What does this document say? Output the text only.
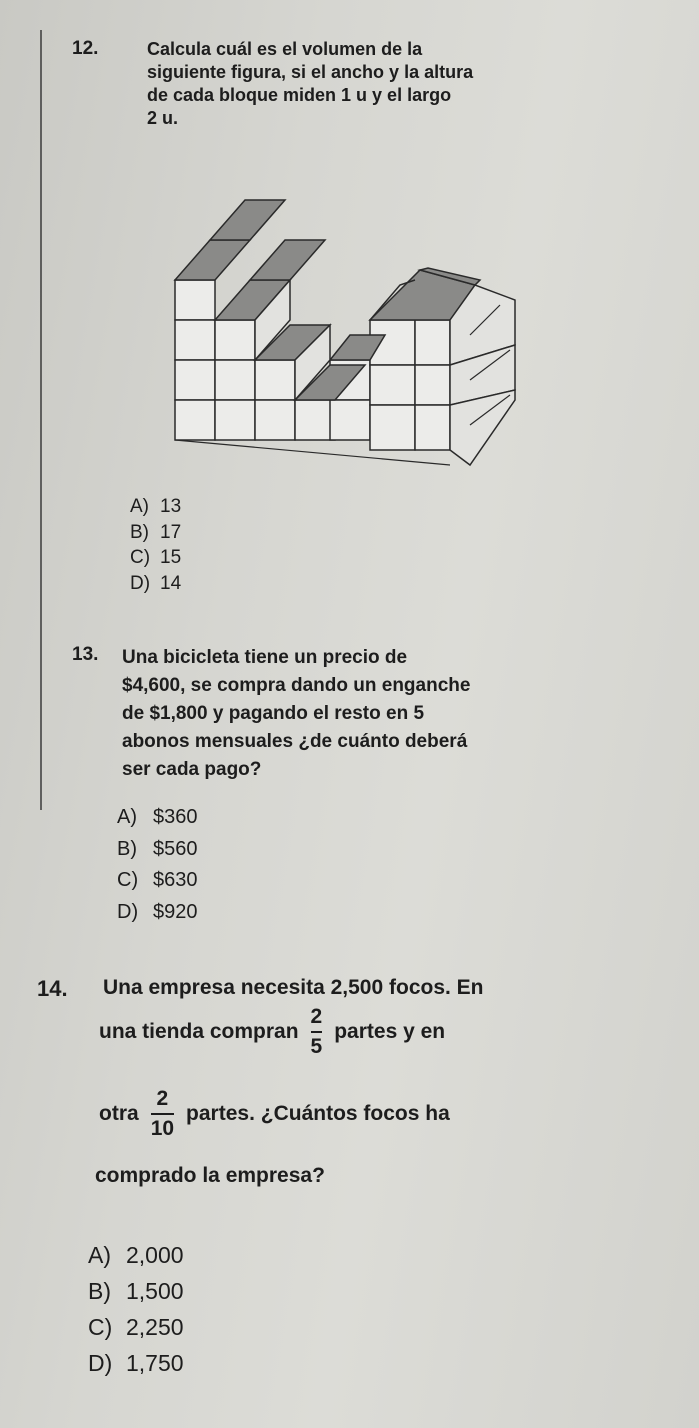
12.	Calcula cuál es el volumen de la
siguiente figura, si el ancho y la altura
de cada bloque miden 1 u y el largo
2 u.
A) 13
B) 17
C) 15
D) 14
13. Una bicicleta tiene un precio de
$4,600, se compra dando un enganche
de $1,800 y pagando el resto en 5
abonos mensuales ¿de cuánto deberá
ser cada pago?
A) $360
B) $560
C) $630
D) $920
14. Una empresa necesita 2,500 focos. En
una tienda compran $\frac{2}{5}$ partes y en
otra $\frac{2}{10}$ partes. ¿Cuántos focos ha
comprado la empresa?
A) 2,000
B) 1,500
C) 2,250
D) 1,750
